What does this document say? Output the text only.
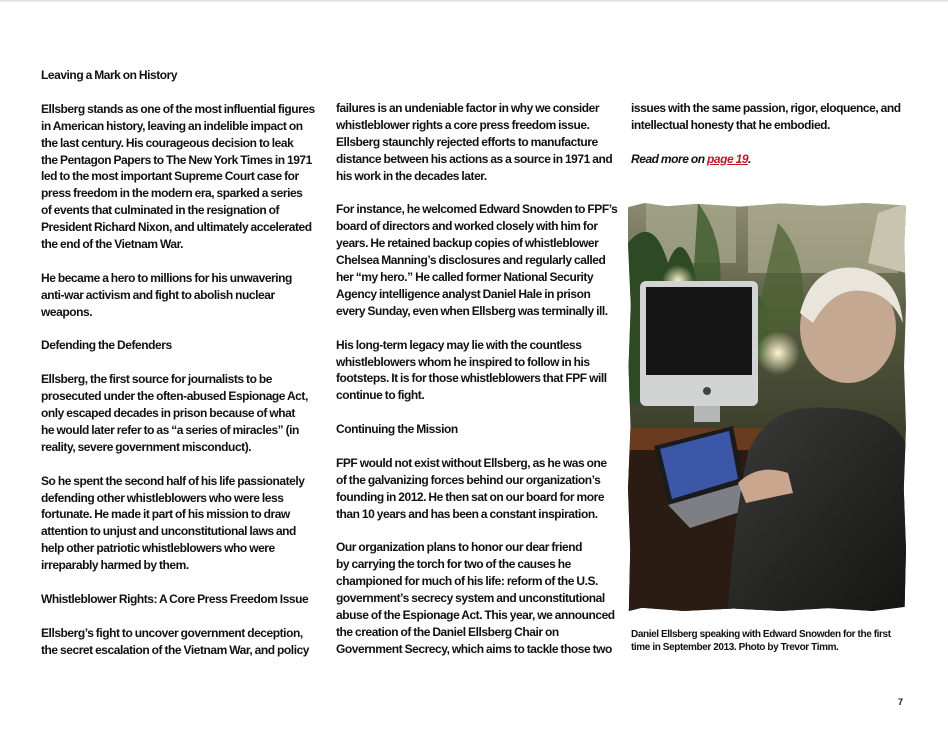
Leaving a Mark on History

Ellsberg stands as one of the most influential figures
in American history, leaving an indelible impact on
the last century. His courageous decision to leak
the Pentagon Papers to The New York Times in 1971
led to the most important Supreme Court case for
press freedom in the modern era, sparked a series
of events that culminated in the resignation of
President Richard Nixon, and ultimately accelerated
the end of the Vietnam War.

He became a hero to millions for his unwavering
anti-war activism and fight to abolish nuclear
weapons.

Defending the Defenders

Ellsberg, the first source for journalists to be
prosecuted under the often-abused Espionage Act,
only escaped decades in prison because of what
he would later refer to as “a series of miracles” (in
reality, severe government misconduct).

So he spent the second half of his life passionately
defending other whistleblowers who were less
fortunate. He made it part of his mission to draw
attention to unjust and unconstitutional laws and
help other patriotic whistleblowers who were
irreparably harmed by them.

Whistleblower Rights: A Core Press Freedom Issue

Ellsberg’s fight to uncover government deception,
the secret escalation of the Vietnam War, and policy

failures is an undeniable factor in why we consider
whistleblower rights a core press freedom issue.
Ellsberg staunchly rejected efforts to manufacture
distance between his actions as a source in 1971 and
his work in the decades later.

For instance, he welcomed Edward Snowden to FPF’s
board of directors and worked closely with him for
years. He retained backup copies of whistleblower
Chelsea Manning’s disclosures and regularly called
her “my hero.” He called former National Security
Agency intelligence analyst Daniel Hale in prison
every Sunday, even when Ellsberg was terminally ill.

His long-term legacy may lie with the countless
whistleblowers whom he inspired to follow in his
footsteps. It is for those whistleblowers that FPF will
continue to fight.

Continuing the Mission

FPF would not exist without Ellsberg, as he was one
of the galvanizing forces behind our organization’s
founding in 2012. He then sat on our board for more
than 10 years and has been a constant inspiration.

Our organization plans to honor our dear friend
by carrying the torch for two of the causes he
championed for much of his life: reform of the U.S.
government’s secrecy system and unconstitutional
abuse of the Espionage Act. This year, we announced
the creation of the Daniel Ellsberg Chair on
Government Secrecy, which aims to tackle those two

issues with the same passion, rigor, eloquence, and
intellectual honesty that he embodied.

Read more on page 19.

Daniel Ellsberg speaking with Edward Snowden for the first
time in September 2013. Photo by Trevor Timm.
7
